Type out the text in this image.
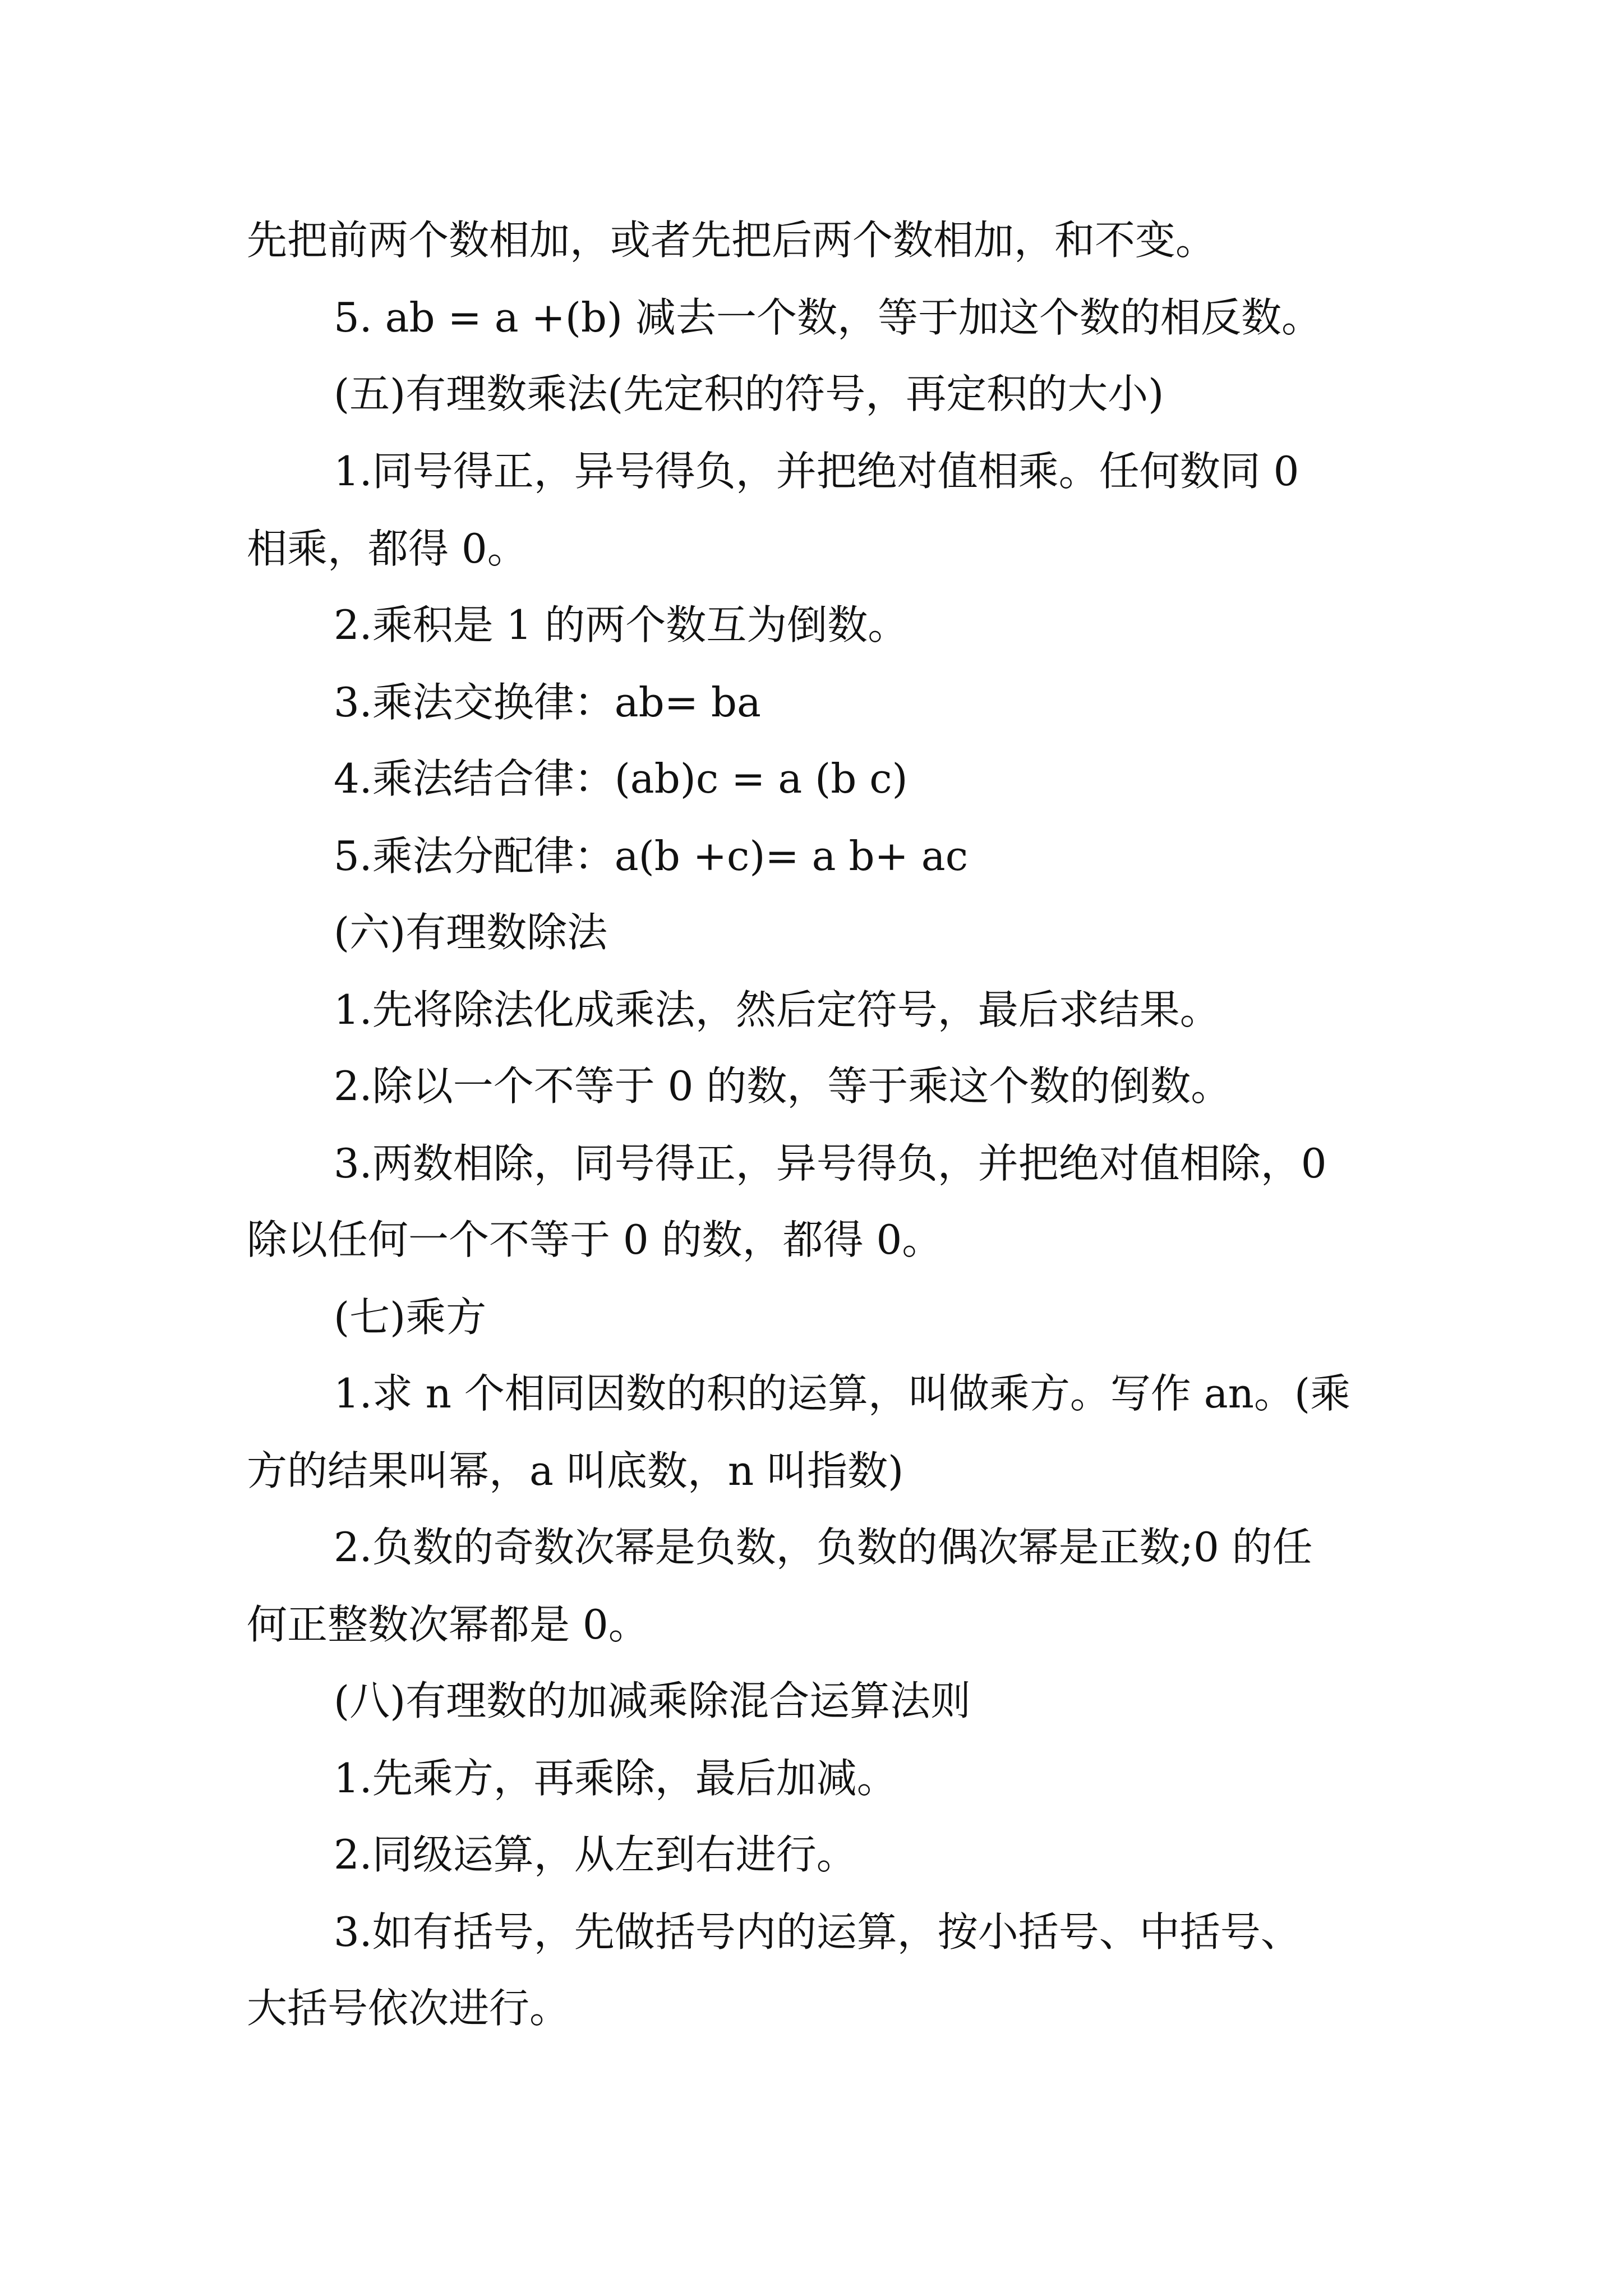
先把前两个数相加，或者先把后两个数相加，和不变。
5. ab = a +(b) 减去一个数，等于加这个数的相反数。
(五)有理数乘法(先定积的符号，再定积的大小)
1.同号得正，异号得负，并把绝对值相乘。任何数同 0
相乘，都得 0。
2.乘积是 1 的两个数互为倒数。
3.乘法交换律：ab= ba
4.乘法结合律：(ab)c = a (b c)
5.乘法分配律：a(b +c)= a b+ ac
(六)有理数除法
1.先将除法化成乘法，然后定符号，最后求结果。
2.除以一个不等于 0 的数，等于乘这个数的倒数。
3.两数相除，同号得正，异号得负，并把绝对值相除，0
除以任何一个不等于 0 的数，都得 0。
(七)乘方
1.求 n 个相同因数的积的运算，叫做乘方。写作 an。(乘
方的结果叫幂，a 叫底数，n 叫指数)
2.负数的奇数次幂是负数，负数的偶次幂是正数;0 的任
何正整数次幂都是 0。
(八)有理数的加减乘除混合运算法则
1.先乘方，再乘除，最后加减。
2.同级运算，从左到右进行。
3.如有括号，先做括号内的运算，按小括号、中括号、
大括号依次进行。
